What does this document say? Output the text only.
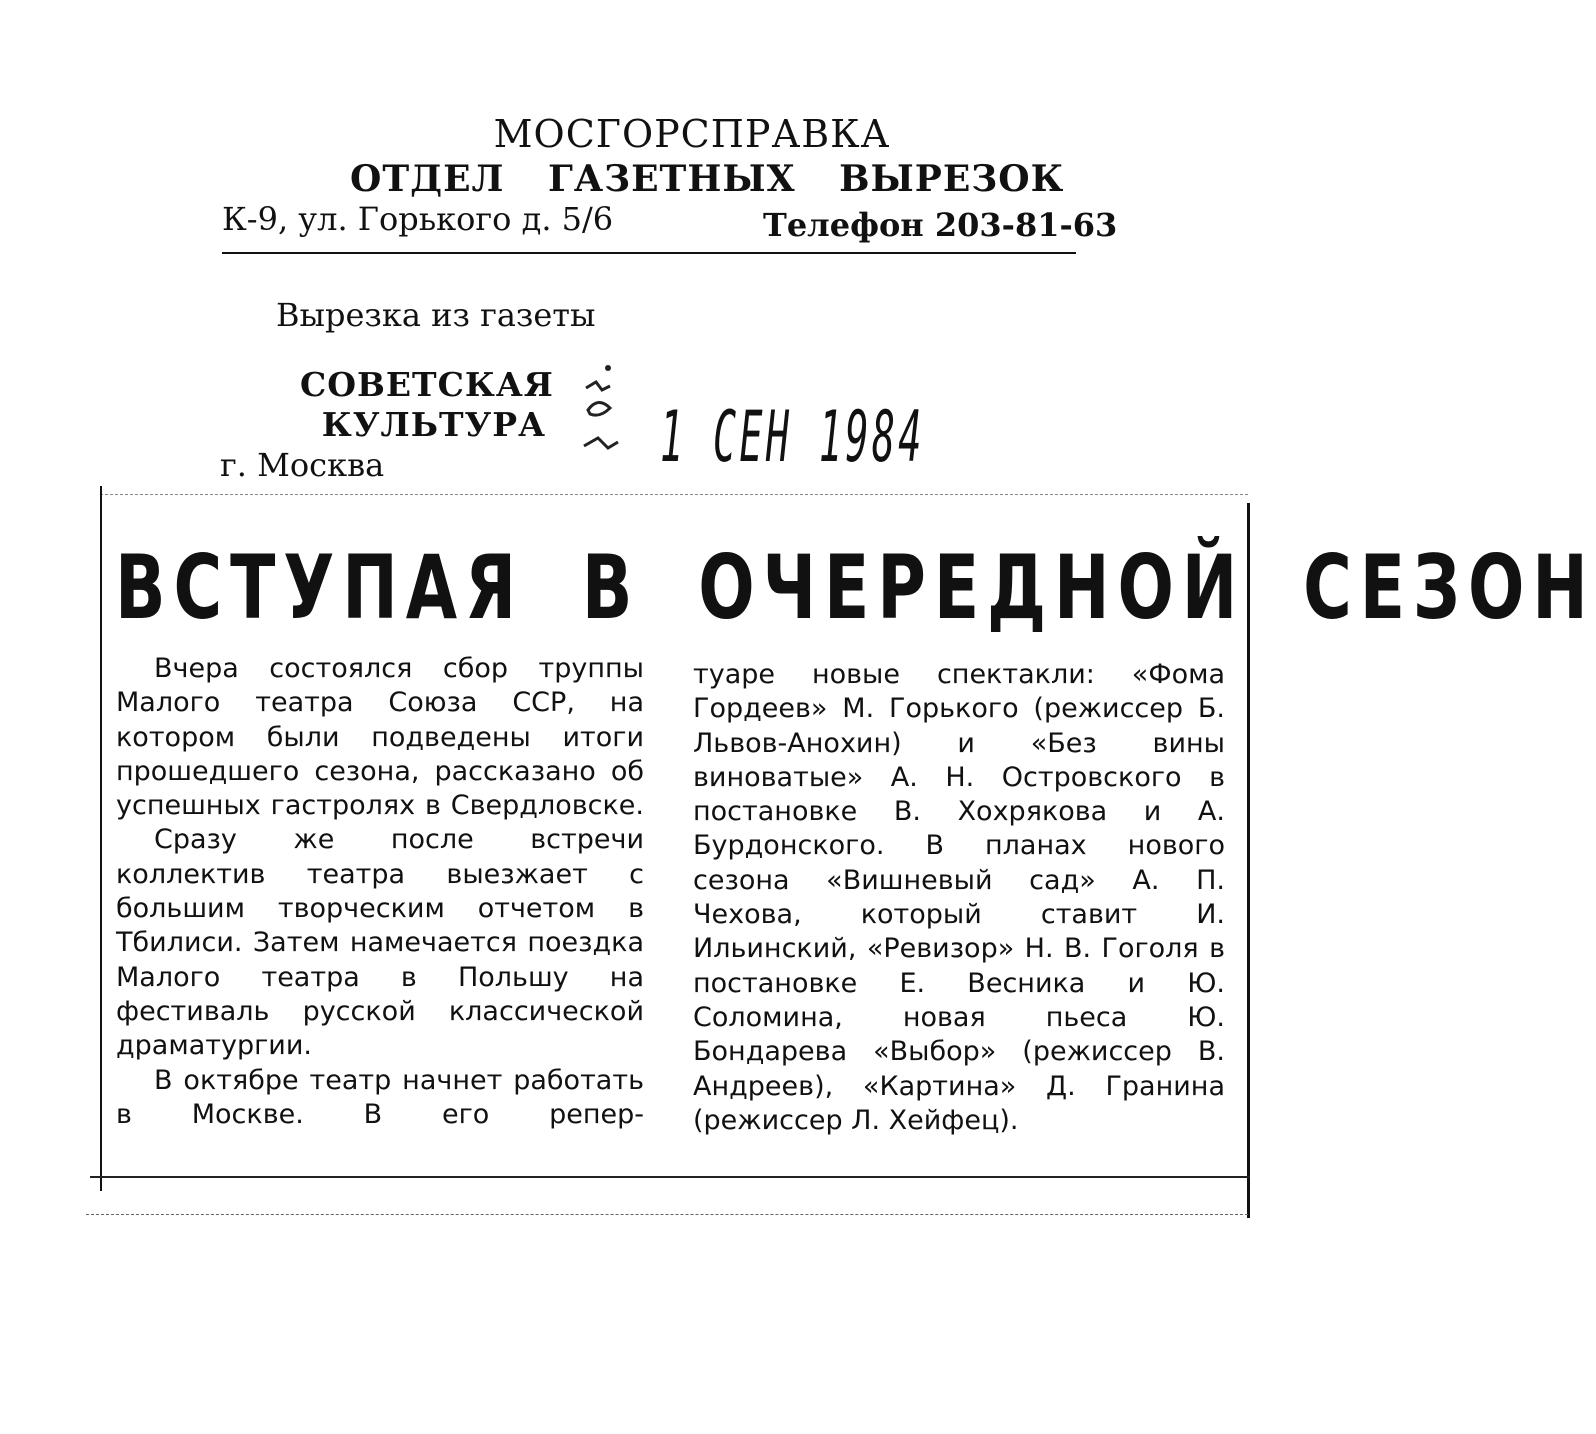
МОСГОРСПРАВКА
ОТДЕЛ ГАЗЕТНЫХ ВЫРЕЗОК
К-9, ул. Горького д. 5/6	Телефон 203-81-63
Вырезка из газеты
СОВЕТСКАЯ
КУЛЬТУРА
г. Москва	1 СЕН 1984
ВСТУПАЯ В ОЧЕРЕДНОЙ СЕЗОН

Вчера состоялся сбор труппы Малого театра Союза ССР, на котором были подведены итоги прошедшего сезона, рассказано об успешных гастролях в Свердловске.

Сразу же после встречи коллектив театра выезжает с большим творческим отчетом в Тбилиси. Затем намечается поездка Малого театра в Польшу на фестиваль русской классической драматургии.

В октябре театр начнет работать в Москве. В его репер-

туаре новые спектакли: «Фома Гордеев» М. Горького (режиссер Б. Львов-Анохин) и «Без вины виноватые» А. Н. Островского в постановке В. Хохрякова и А. Бурдонского. В планах нового сезона «Вишневый сад» А. П. Чехова, который ставит И. Ильинский, «Ревизор» Н. В. Гоголя в постановке Е. Весника и Ю. Соломина, новая пьеса Ю. Бондарева «Выбор» (режиссер В. Андреев), «Картина» Д. Гранина (режиссер Л. Хейфец).
